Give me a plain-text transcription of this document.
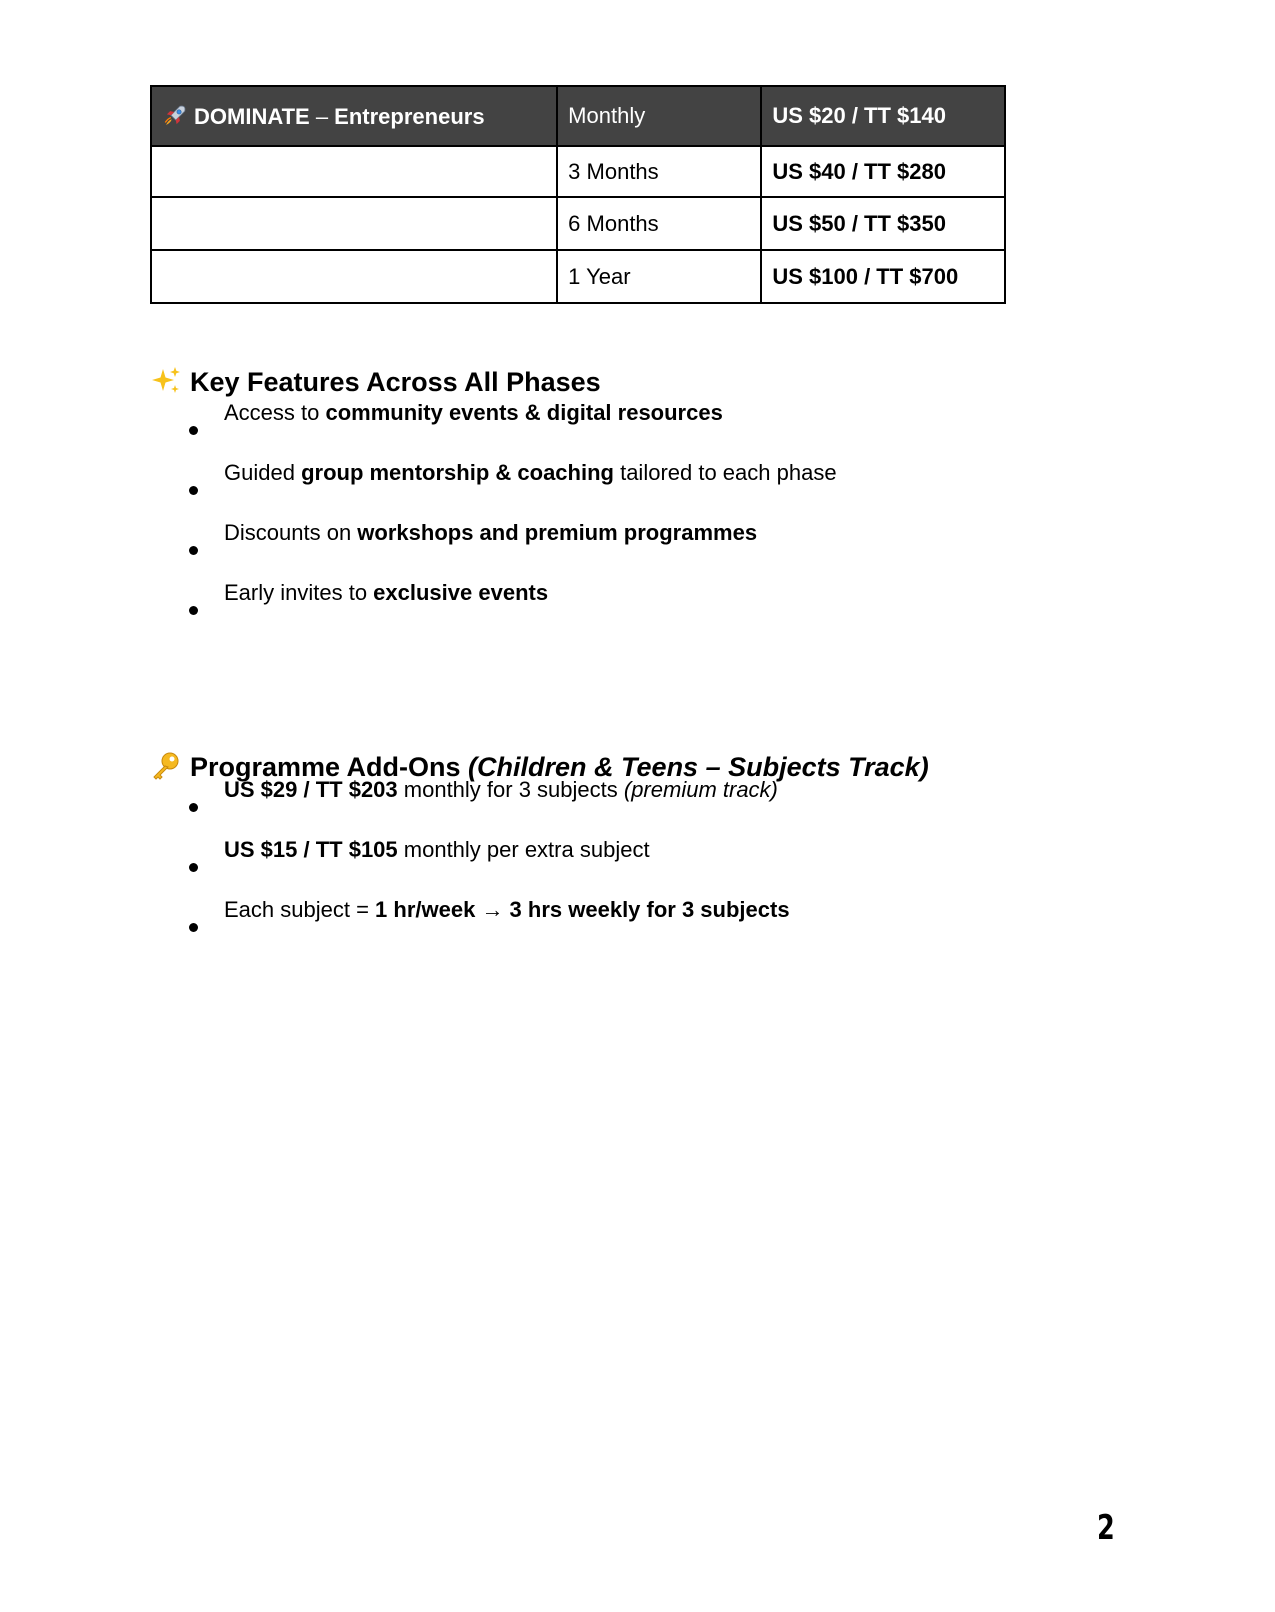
DOMINATE – Entrepreneurs	Monthly	US $20 / TT $140
	3 Months	US $40 / TT $280
	6 Months	US $50 / TT $350
	1 Year	US $100 / TT $700
Key Features Across All Phases
Access to community events & digital resources
Guided group mentorship & coaching tailored to each phase
Discounts on workshops and premium programmes
Early invites to exclusive events
Programme Add-Ons (Children & Teens – Subjects Track)
US $29 / TT $203 monthly for 3 subjects (premium track)
US $15 / TT $105 monthly per extra subject
Each subject = 1 hr/week → 3 hrs weekly for 3 subjects
2
